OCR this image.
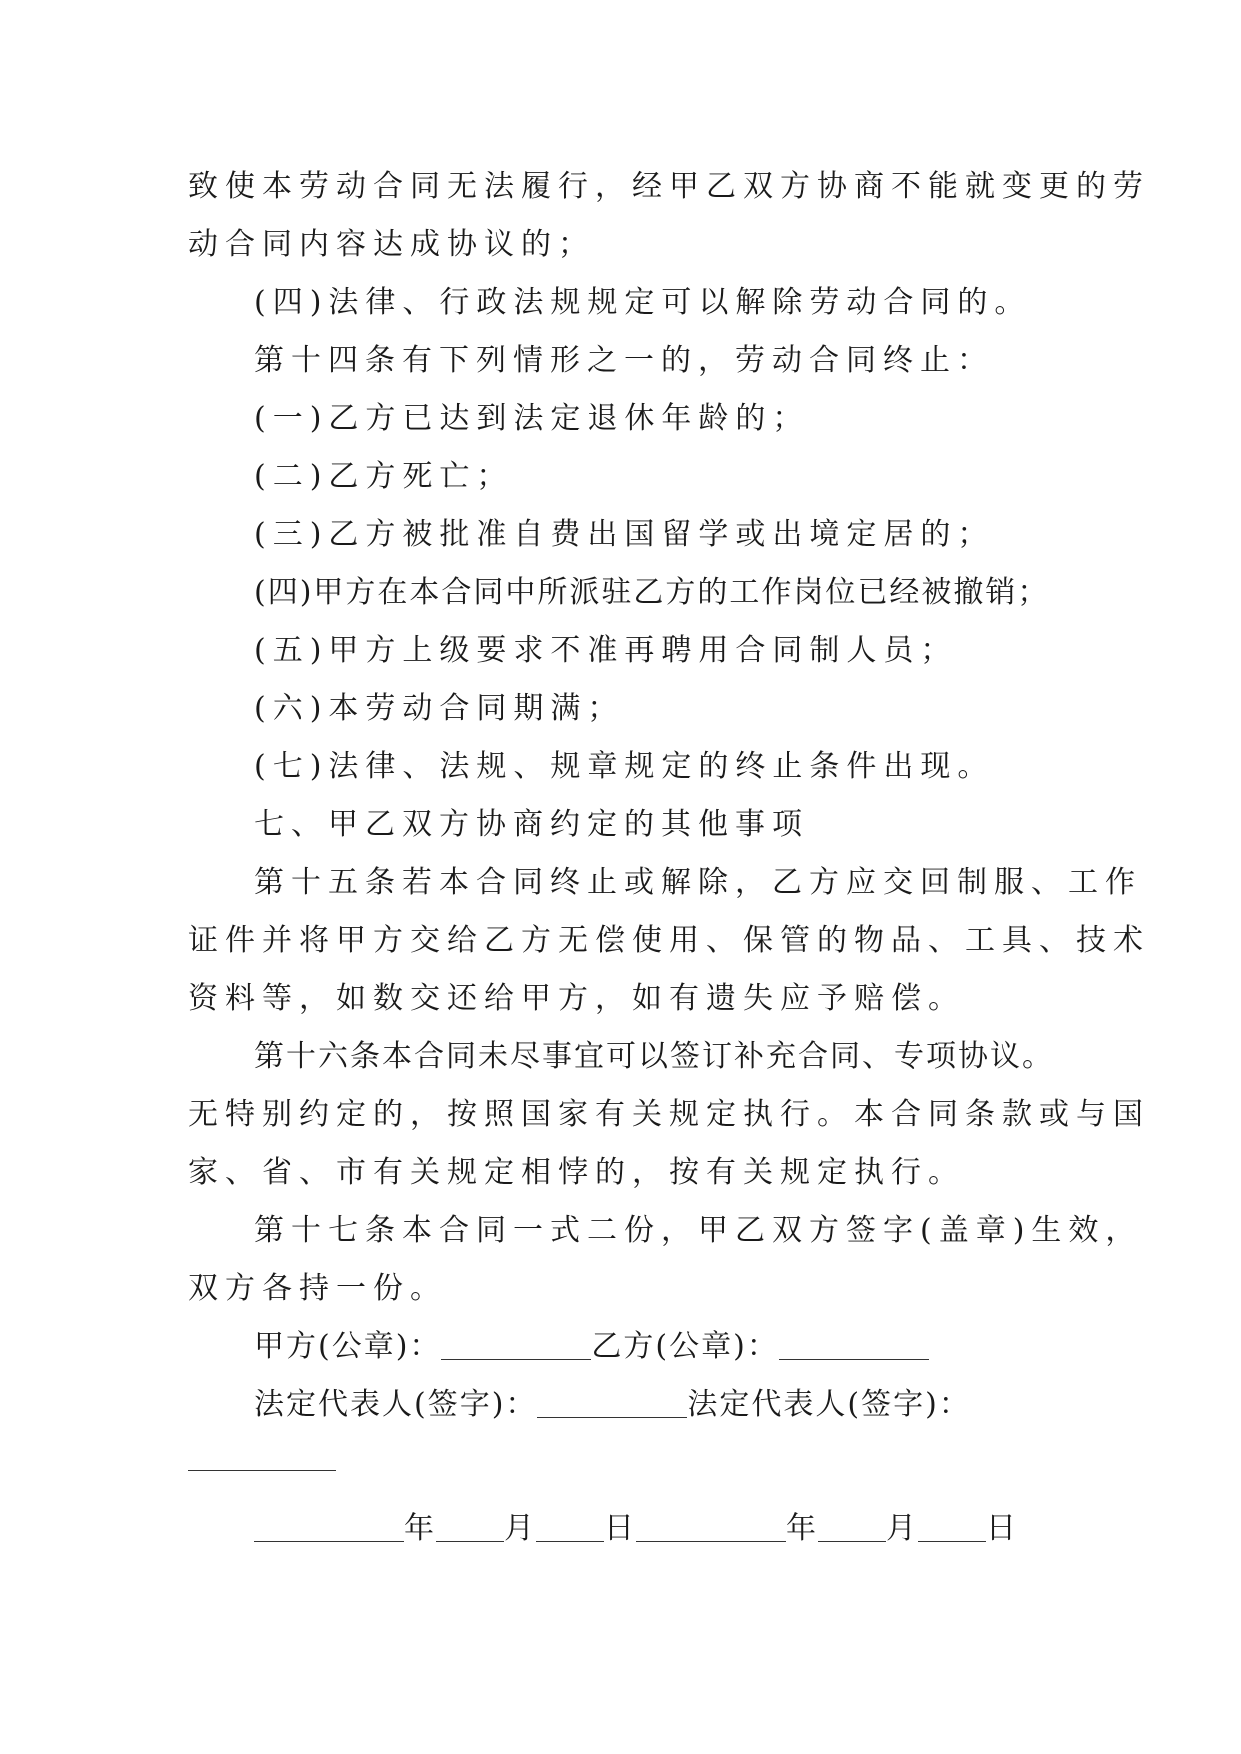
致使本劳动合同无法履行，经甲乙双方协商不能就变更的劳
动合同内容达成协议的；
(四)法律、行政法规规定可以解除劳动合同的。
第十四条有下列情形之一的，劳动合同终止：
(一)乙方已达到法定退休年龄的；
(二)乙方死亡；
(三)乙方被批准自费出国留学或出境定居的；
(四)甲方在本合同中所派驻乙方的工作岗位已经被撤销；
(五)甲方上级要求不准再聘用合同制人员；
(六)本劳动合同期满；
(七)法律、法规、规章规定的终止条件出现。
七、甲乙双方协商约定的其他事项
第十五条若本合同终止或解除，乙方应交回制服、工作
证件并将甲方交给乙方无偿使用、保管的物品、工具、技术
资料等，如数交还给甲方，如有遗失应予赔偿。
第十六条本合同未尽事宜可以签订补充合同、专项协议。
无特别约定的，按照国家有关规定执行。本合同条款或与国
家、省、市有关规定相悖的，按有关规定执行。
第十七条本合同一式二份，甲乙双方签字(盖章)生效，
双方各持一份。
甲方(公章)：	乙方(公章)：
法定代表人(签字)：	法定代表人(签字)：
年 月 日	年 月 日
